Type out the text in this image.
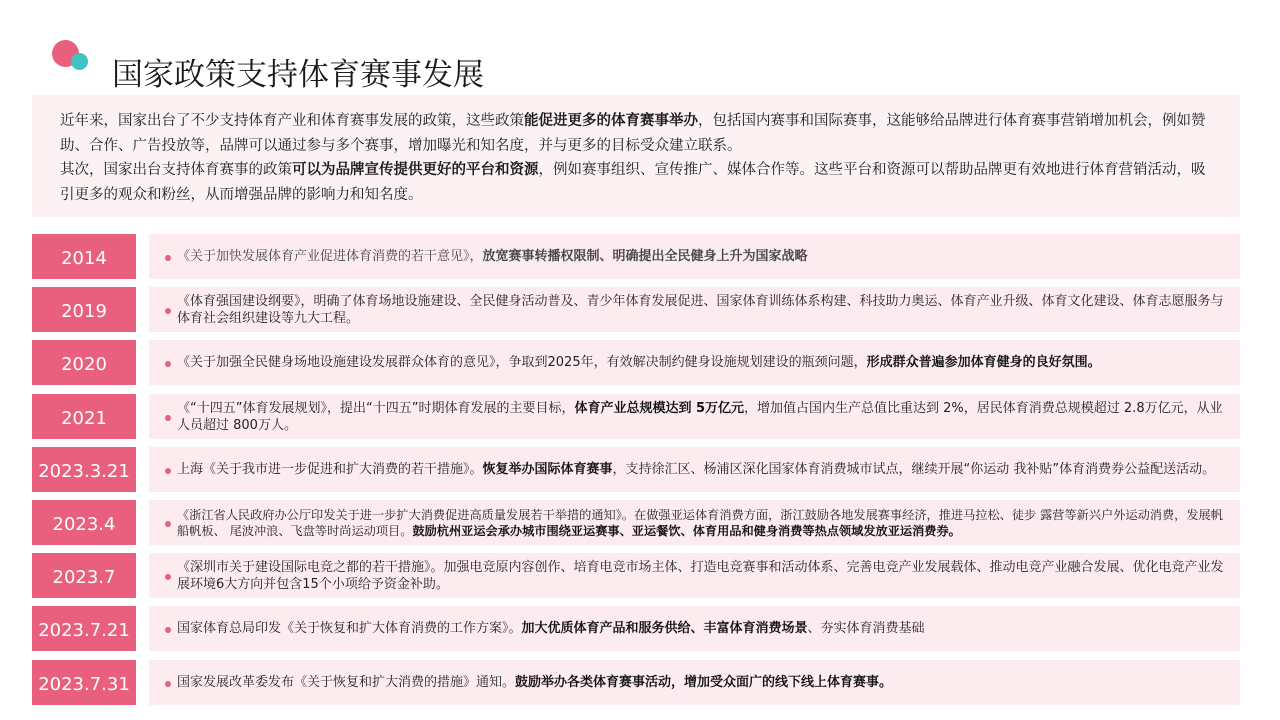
国家政策支持体育赛事发展

近年来，国家出台了不少支持体育产业和体育赛事发展的政策，这些政策能促进更多的体育赛事举办，包括国内赛事和国际赛事，这能够给品牌进行体育赛事营销增加机会，例如赞助、合作、广告投放等，品牌可以通过参与多个赛事，增加曝光和知名度，并与更多的目标受众建立联系。

其次，国家出台支持体育赛事的政策可以为品牌宣传提供更好的平台和资源，例如赛事组织、宣传推广、媒体合作等。这些平台和资源可以帮助品牌更有效地进行体育营销活动，吸引更多的观众和粉丝，从而增强品牌的影响力和知名度。

2014	《关于加快发展体育产业促进体育消费的若干意见》，放宽赛事转播权限制、明确提出全民健身上升为国家战略
2019	《体育强国建设纲要》，明确了体育场地设施建设、全民健身活动普及、青少年体育发展促进、国家体育训练体系构建、科技助力奥运、体育产业升级、体育文化建设、体育志愿服务与体育社会组织建设等九大工程。
2020	《关于加强全民健身场地设施建设发展群众体育的意见》，争取到2025年，有效解决制约健身设施规划建设的瓶颈问题，形成群众普遍参加体育健身的良好氛围。
2021	《“十四五”体育发展规划》，提出“十四五”时期体育发展的主要目标，体育产业总规模达到 5万亿元，增加值占国内生产总值比重达到 2%，居民体育消费总规模超过 2.8万亿元，从业人员超过 800万人。
2023.3.21	上海《关于我市进一步促进和扩大消费的若干措施》。恢复举办国际体育赛事，支持徐汇区、杨浦区深化国家体育消费城市试点，继续开展“你运动 我补贴”体育消费券公益配送活动。
2023.4	《浙江省人民政府办公厅印发关于进一步扩大消费促进高质量发展若干举措的通知》。在做强亚运体育消费方面，浙江鼓励各地发展赛事经济，推进马拉松、徒步 露营等新兴户外运动消费，发展帆船帆板、 尾波冲浪、飞盘等时尚运动项目。鼓励杭州亚运会承办城市围绕亚运赛事、亚运餐饮、体育用品和健身消费等热点领域发放亚运消费券。
2023.7	《深圳市关于建设国际电竞之都的若干措施》。加强电竞原内容创作、培育电竞市场主体、打造电竞赛事和活动体系、完善电竞产业发展载体、推动电竞产业融合发展、优化电竞产业发展环境6大方向并包含15个小项给予资金补助。
2023.7.21	国家体育总局印发《关于恢复和扩大体育消费的工作方案》。加大优质体育产品和服务供给、丰富体育消费场景、夯实体育消费基础
2023.7.31	国家发展改革委发布《关于恢复和扩大消费的措施》通知。鼓励举办各类体育赛事活动，增加受众面广的线下线上体育赛事。
